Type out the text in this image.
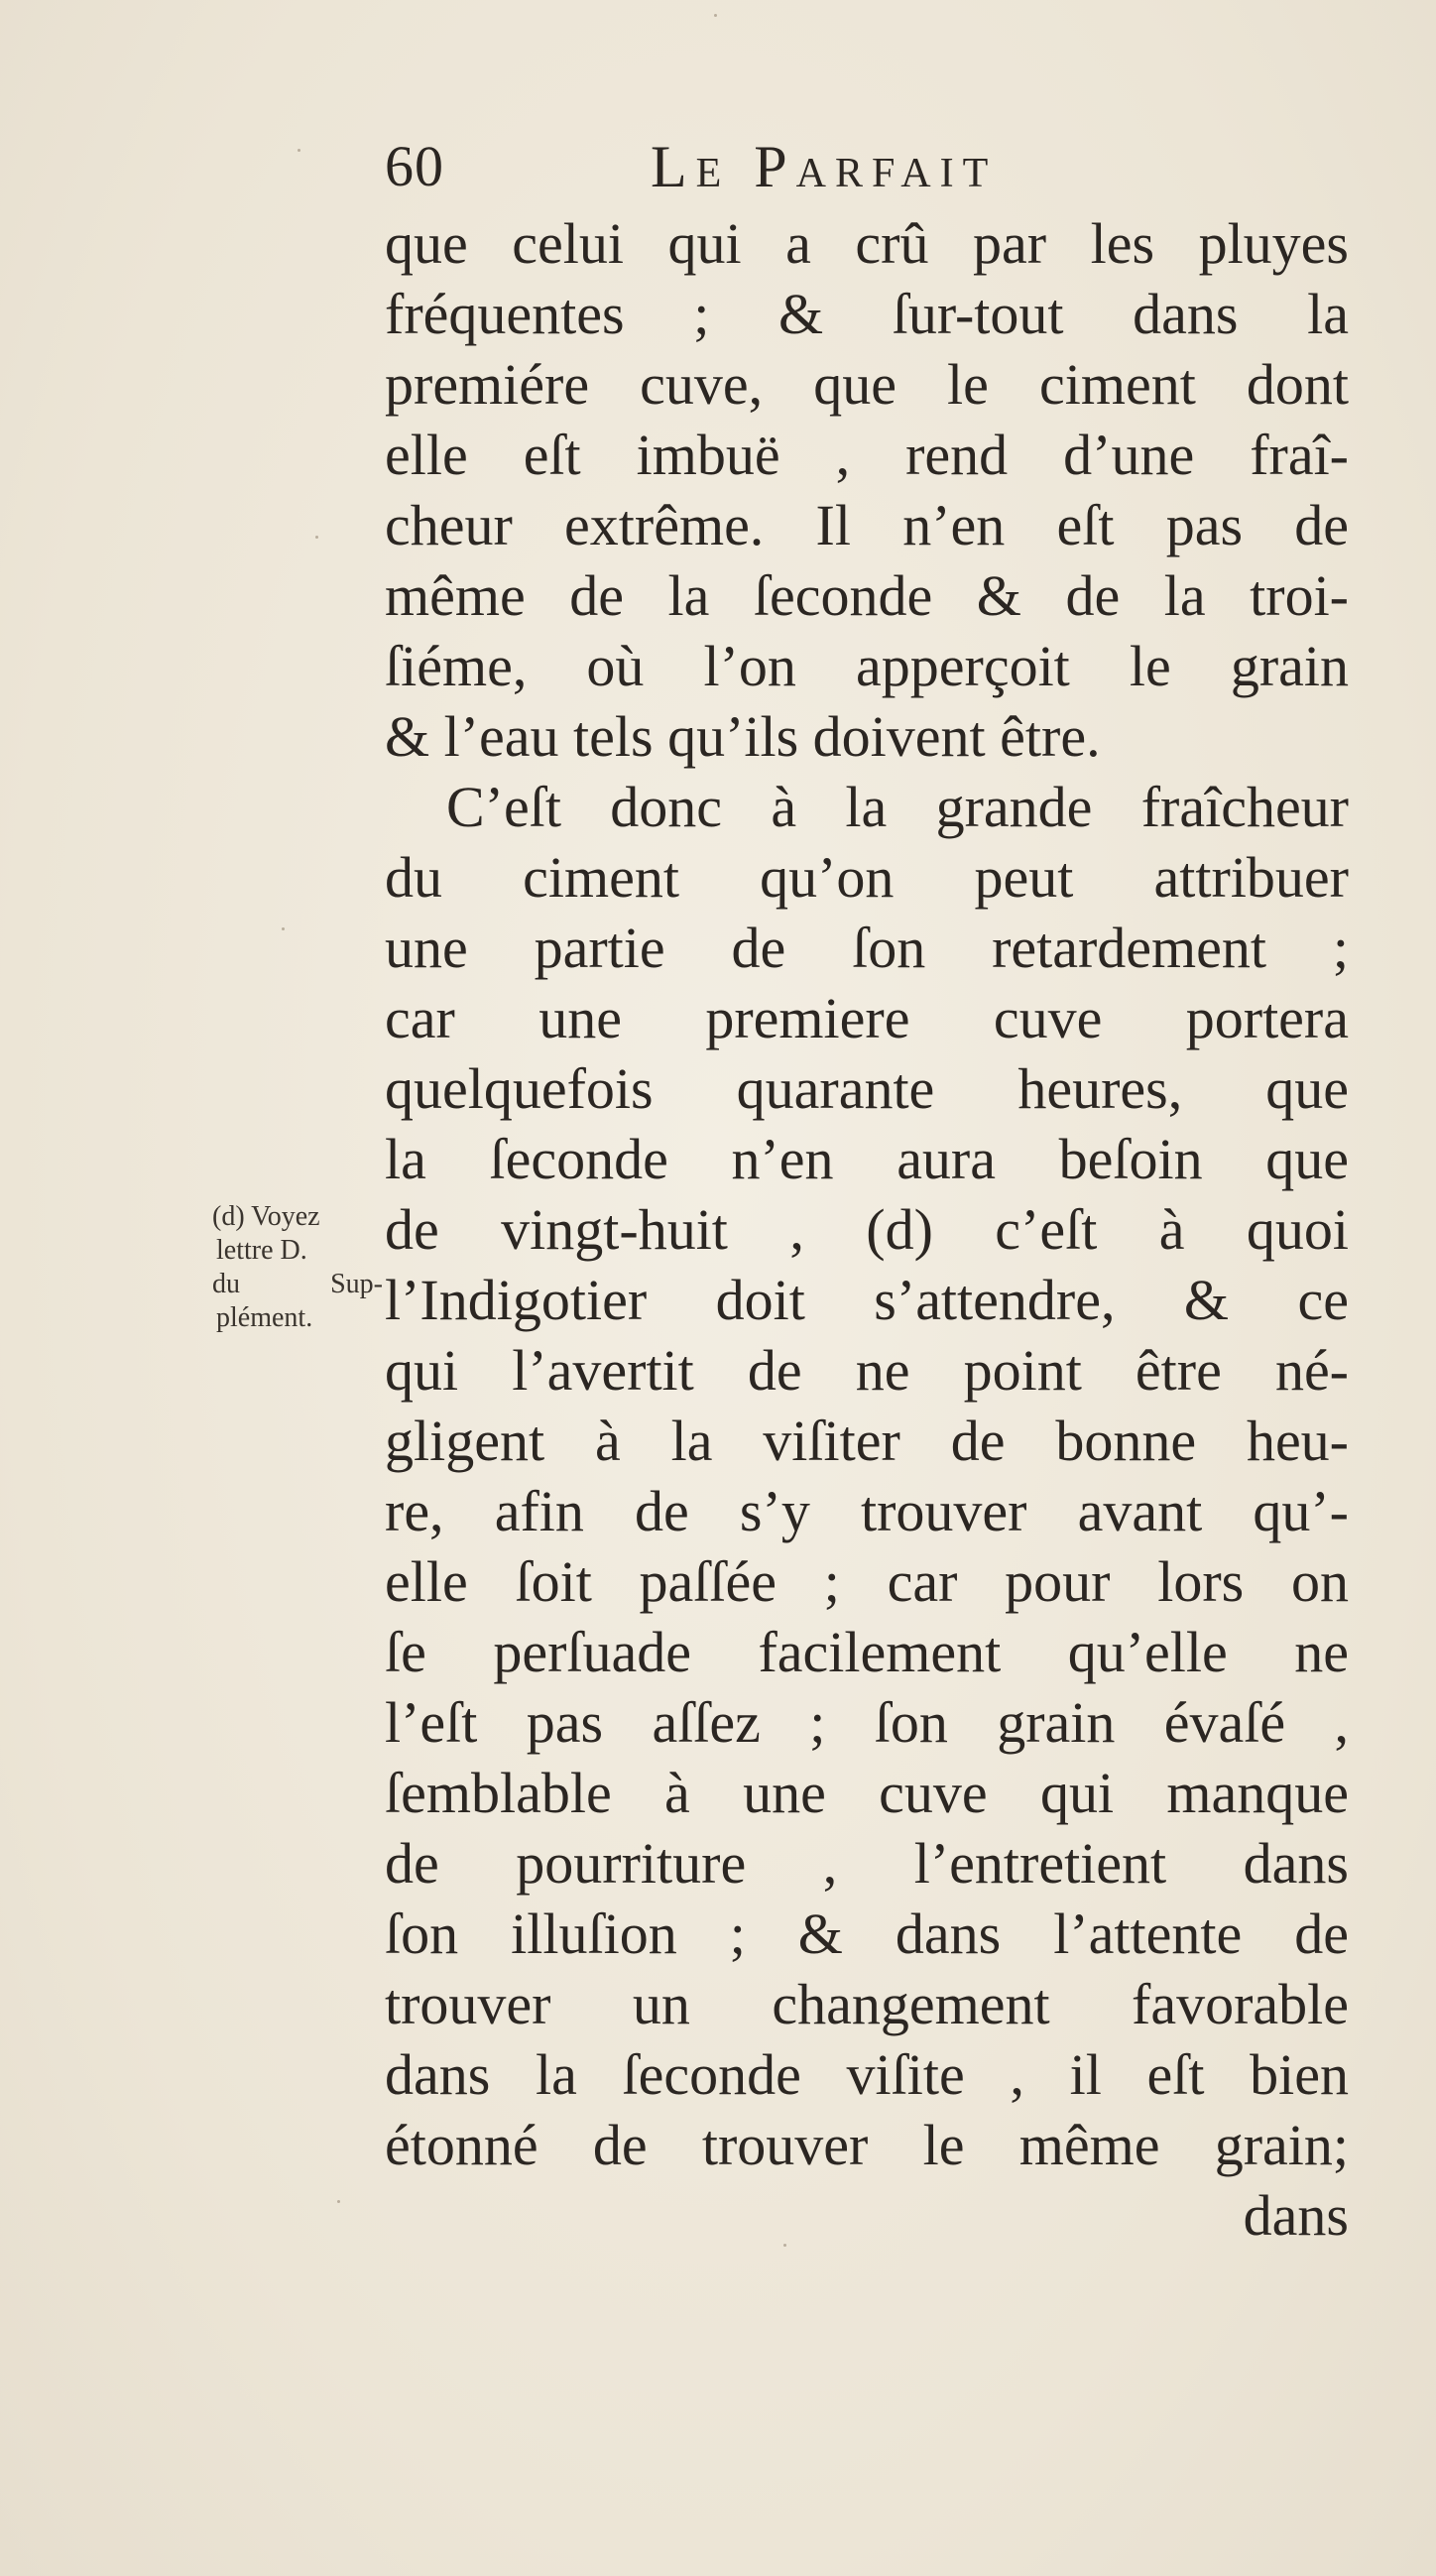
60	Le Parfait
que celui qui a crû par les pluyes
fréquentes ; & ſur-tout dans la
premiére cuve, que le ciment dont
elle eſt imbuë , rend d’une fraî-
cheur extrême. Il n’en eſt pas de
même de la ſeconde & de la troi-
ſiéme, où l’on apperçoit le grain
& l’eau tels qu’ils doivent être.
C’eſt donc à la grande fraîcheur
du ciment qu’on peut attribuer
une partie de ſon retardement ;
car une premiere cuve portera
quelquefois quarante heures, que
la ſeconde n’en aura beſoin que
de vingt-huit , (d) c’eſt à quoi
l’Indigotier doit s’attendre, & ce
qui l’avertit de ne point être né-
gligent à la viſiter de bonne heu-
re, afin de s’y trouver avant qu’-
elle ſoit paſſée ; car pour lors on
ſe perſuade facilement qu’elle ne
l’eſt pas aſſez ; ſon grain évaſé ,
ſemblable à une cuve qui manque
de pourriture , l’entretient dans
ſon illuſion ; & dans l’attente de
trouver un changement favorable
dans la ſeconde viſite , il eſt bien
étonné de trouver le même grain;
dans
(d) Voyez
lettre D.
du Sup-
plément.
